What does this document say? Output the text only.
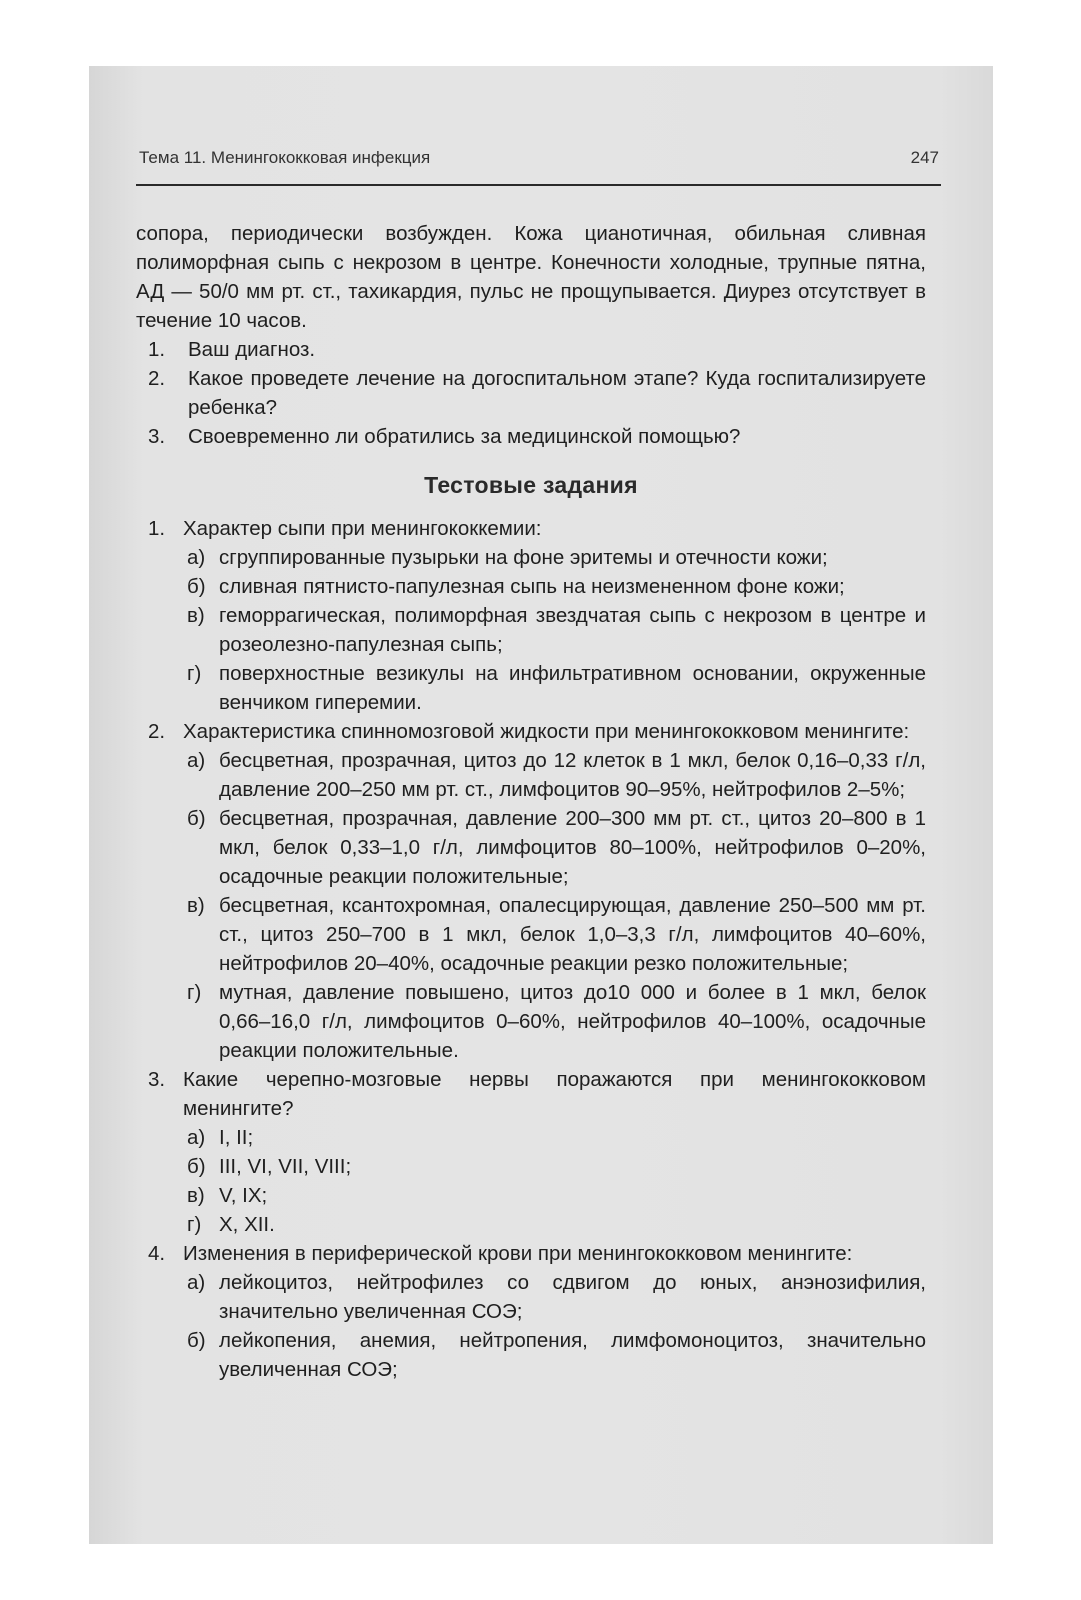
Тема 11. Менингококковая инфекция	247

сопора, периодически возбужден. Кожа цианотичная, обильная сливная полиморфная сыпь с некрозом в центре. Конечности холодные, трупные пятна, АД — 50/0 мм рт. ст., тахикардия, пульс не прощупывается. Диурез отсутствует в течение 10 часов.

1. Ваш диагноз.
2. Какое проведете лечение на догоспитальном этапе? Куда госпитализируете ребенка?
3. Своевременно ли обратились за медицинской помощью?
Тестовые задания
1. Характер сыпи при менингококкемии:
а) сгруппированные пузырьки на фоне эритемы и отечности кожи;
б) сливная пятнисто-папулезная сыпь на неизмененном фоне кожи;
в) геморрагическая, полиморфная звездчатая сыпь с некрозом в центре и розеолезно-папулезная сыпь;
г) поверхностные везикулы на инфильтративном основании, окруженные венчиком гиперемии.
2. Характеристика спинномозговой жидкости при менингококковом менингите:
а) бесцветная, прозрачная, цитоз до 12 клеток в 1 мкл, белок 0,16–0,33 г/л, давление 200–250 мм рт. ст., лимфоцитов 90–95%, нейтрофилов 2–5%;
б) бесцветная, прозрачная, давление 200–300 мм рт. ст., цитоз 20–800 в 1 мкл, белок 0,33–1,0 г/л, лимфоцитов 80–100%, нейтрофилов 0–20%, осадочные реакции положительные;
в) бесцветная, ксантохромная, опалесцирующая, давление 250–500 мм рт. ст., цитоз 250–700 в 1 мкл, белок 1,0–3,3 г/л, лимфоцитов 40–60%, нейтрофилов 20–40%, осадочные реакции резко положительные;
г) мутная, давление повышено, цитоз до10 000 и более в 1 мкл, белок 0,66–16,0 г/л, лимфоцитов 0–60%, нейтрофилов 40–100%, осадочные реакции положительные.
3. Какие черепно-мозговые нервы поражаются при менингококковом менингите?
а) I, II;
б) III, VI, VII, VIII;
в) V, IX;
г) X, XII.
4. Изменения в периферической крови при менингококковом менингите:
а) лейкоцитоз, нейтрофилез со сдвигом до юных, анэнозифилия, значительно увеличенная СОЭ;
б) лейкопения, анемия, нейтропения, лимфомоноцитоз, значительно увеличенная СОЭ;
